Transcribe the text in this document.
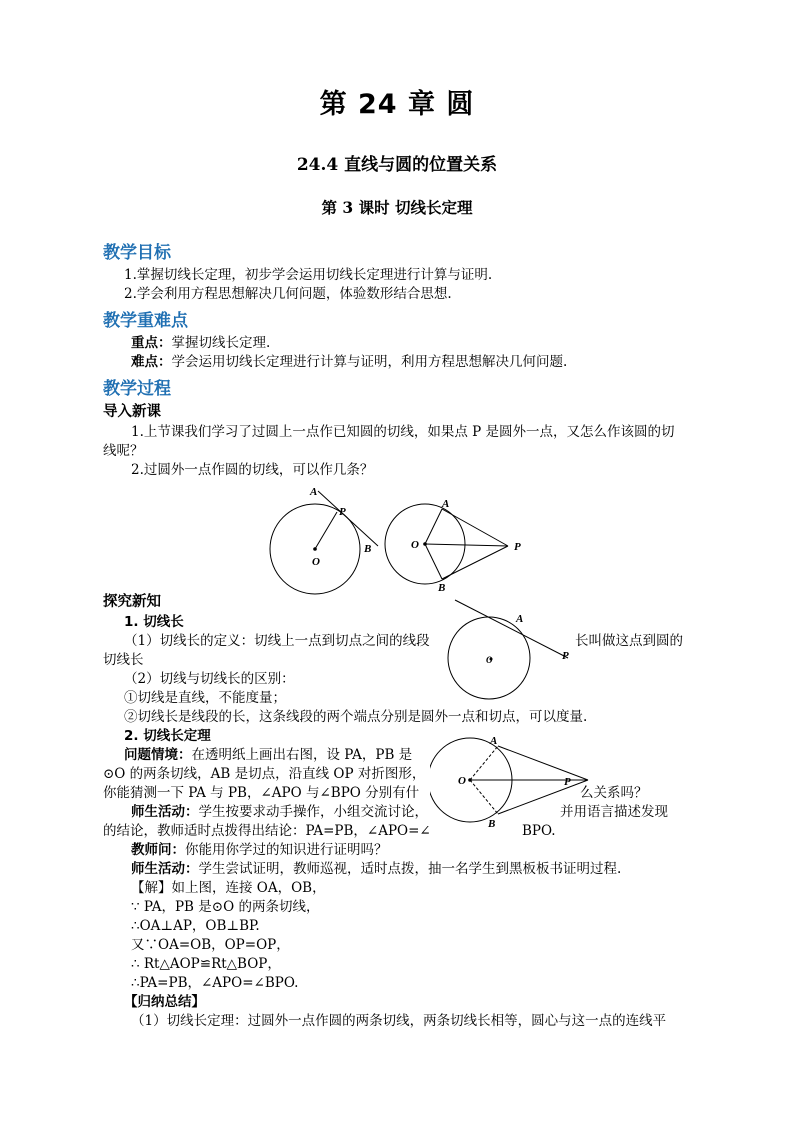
第 24 章 圆
24.4 直线与圆的位置关系
第 3 课时 切线长定理
教学目标
1.掌握切线长定理，初步学会运用切线长定理进行计算与证明.
2.学会利用方程思想解决几何问题，体验数形结合思想.
教学重难点
重点：掌握切线长定理.
难点：学会运用切线长定理进行计算与证明，利用方程思想解决几何问题.
教学过程
导入新课
1.上节课我们学习了过圆上一点作已知圆的切线，如果点 P 是圆外一点，又怎么作该圆的切
线呢？
2.过圆外一点作圆的切线，可以作几条？
A
P
O
B
A
O	P
B
探究新知
1. 切线长
（1）切线长的定义：切线上一点到切点之间的线段	长叫做这点到圆的
切线长
（2）切线与切线长的区别：
①切线是直线，不能度量；
②切线长是线段的长，这条线段的两个端点分别是圆外一点和切点，可以度量.
A
O	P
2. 切线长定理
问题情境：在透明纸上画出右图，设 PA，PB 是
⊙O 的两条切线，AB 是切点，沿直线 OP 对折图形，
你能猜测一下 PA 与 PB，∠APO 与∠BPO 分别有什	么关系吗？
师生活动：学生按要求动手操作，小组交流讨论，	并用语言描述发现
的结论，教师适时点拨得出结论：PA=PB，∠APO=∠	BPO.
A
O	P
B
教师问：你能用你学过的知识进行证明吗？
师生活动：学生尝试证明，教师巡视，适时点拨，抽一名学生到黑板板书证明过程.
【解】如上图，连接 OA，OB，
∵ PA，PB 是⊙O 的两条切线，
∴OA⊥AP，OB⊥BP.
又∵OA=OB，OP=OP，
∴ Rt△AOP≌Rt△BOP，
∴PA=PB，∠APO=∠BPO.
【归纳总结】
（1）切线长定理：过圆外一点作圆的两条切线，两条切线长相等，圆心与这一点的连线平
